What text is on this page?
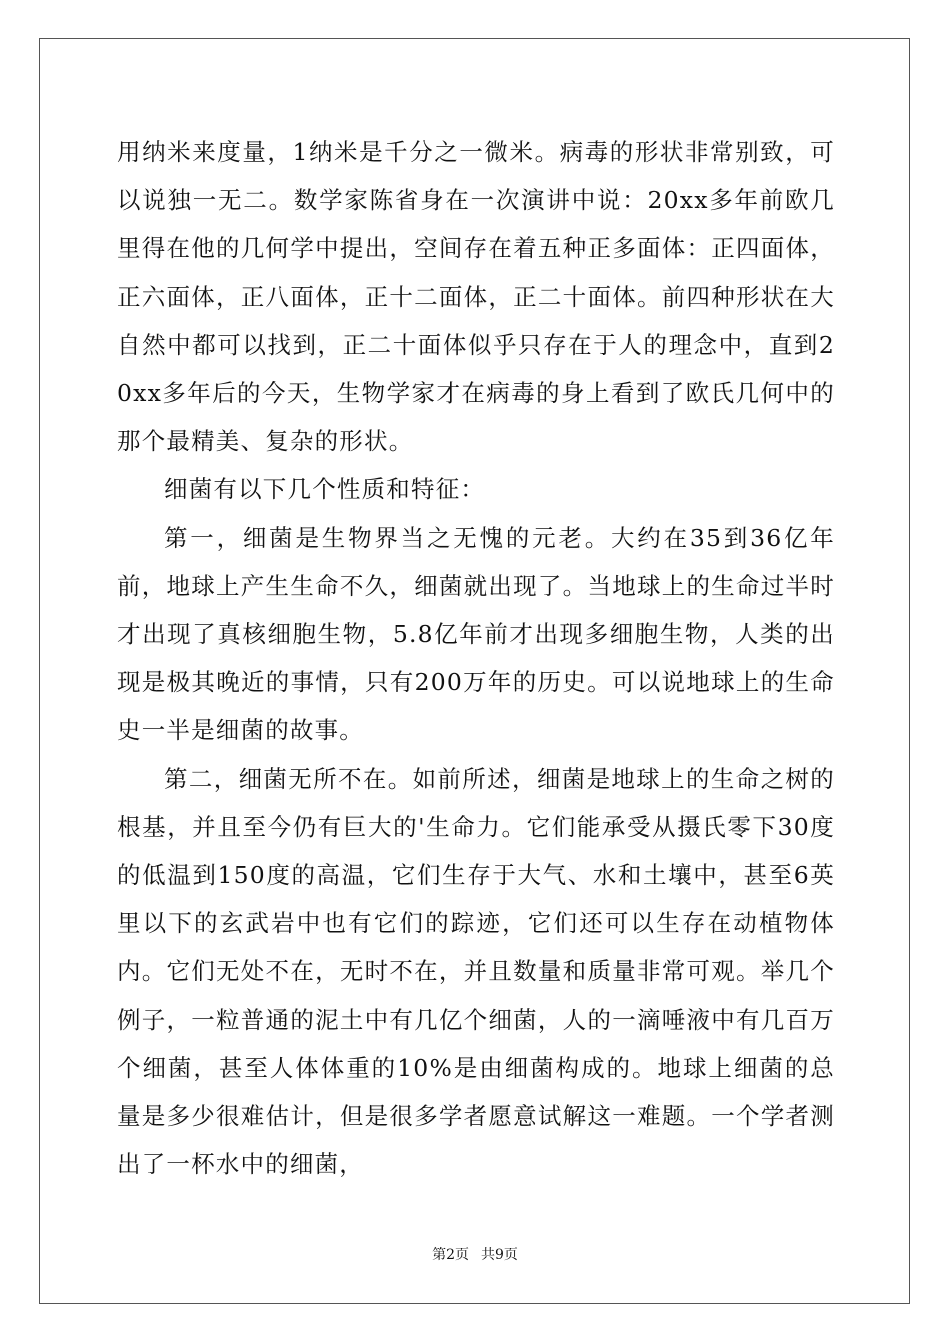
用纳米来度量，1纳米是千分之一微米。病毒的形状非常别致，可以说独一无二。数学家陈省身在一次演讲中说：20xx多年前欧几里得在他的几何学中提出，空间存在着五种正多面体：正四面体，正六面体，正八面体，正十二面体，正二十面体。前四种形状在大自然中都可以找到，正二十面体似乎只存在于人的理念中，直到20xx多年后的今天，生物学家才在病毒的身上看到了欧氏几何中的那个最精美、复杂的形状。

细菌有以下几个性质和特征：

第一，细菌是生物界当之无愧的元老。大约在35到36亿年前，地球上产生生命不久，细菌就出现了。当地球上的生命过半时才出现了真核细胞生物，5.8亿年前才出现多细胞生物，人类的出现是极其晚近的事情，只有200万年的历史。可以说地球上的生命史一半是细菌的故事。

第二，细菌无所不在。如前所述，细菌是地球上的生命之树的根基，并且至今仍有巨大的'生命力。它们能承受从摄氏零下30度的低温到150度的高温，它们生存于大气、水和土壤中，甚至6英里以下的玄武岩中也有它们的踪迹，它们还可以生存在动植物体内。它们无处不在，无时不在，并且数量和质量非常可观。举几个例子，一粒普通的泥土中有几亿个细菌，人的一滴唾液中有几百万个细菌，甚至人体体重的10%是由细菌构成的。地球上细菌的总量是多少很难估计，但是很多学者愿意试解这一难题。一个学者测出了一杯水中的细菌，

第2页 共9页
